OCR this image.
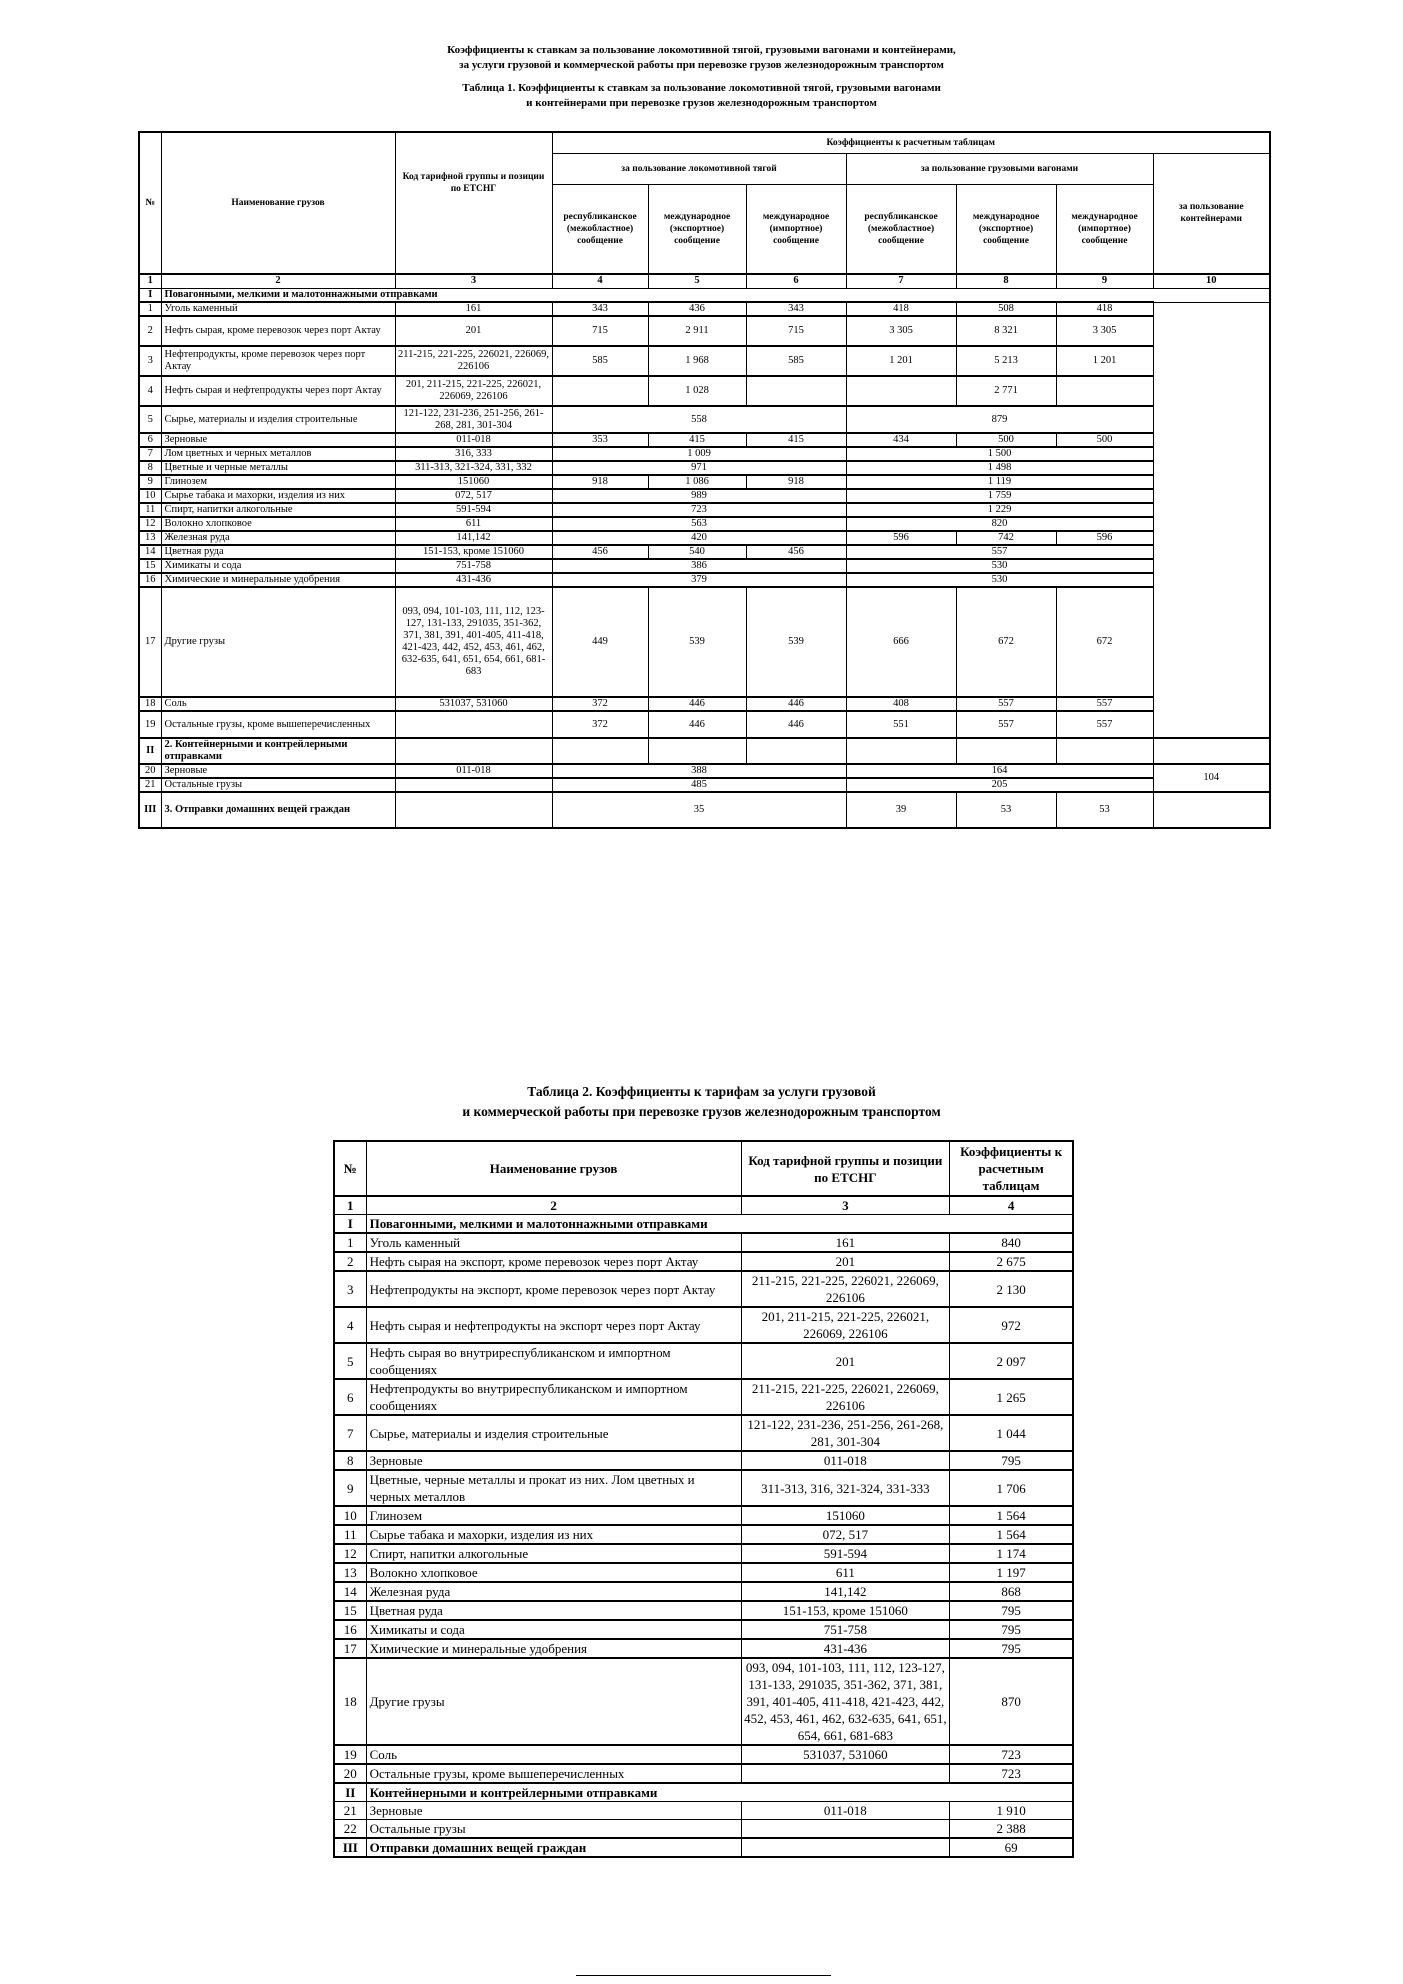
Коэффициенты к ставкам за пользование локомотивной тягой, грузовыми вагонами и контейнерами,
за услуги грузовой и коммерческой работы при перевозке грузов железнодорожным транспортом
Таблица 1. Коэффициенты к ставкам за пользование локомотивной тягой, грузовыми вагонами
и контейнерами при перевозке грузов железнодорожным транспортом
№	Наименование грузов	Код тарифной группы и позиции по ЕТСНГ	Коэффициенты к расчетным таблицам						
			за пользование локомотивной тягой			за пользование грузовыми вагонами			за пользование контейнерами
			республиканское (межобластное) сообщение	международное (экспортное) сообщение	международное (импортное) сообщение	республиканское (межобластное) сообщение	международное (экспортное) сообщение	международное (импортное) сообщение	
1	2	3	4	5	6	7	8	9	10
I	Повагонными, мелкими и малотоннажными отправками								
1	Уголь каменный	161	343	436	343	418	508	418	
2	Нефть сырая, кроме перевозок через порт Актау	201	715	2 911	715	3 305	8 321	3 305	
3	Нефтепродукты, кроме перевозок через порт Актау	211-215, 221-225, 226021, 226069, 226106	585	1 968	585	1 201	5 213	1 201	
4	Нефть сырая и нефтепродукты через порт Актау	201, 211-215, 221-225, 226021, 226069, 226106		1 028			2 771		
5	Сырье, материалы и изделия строительные	121-122, 231-236, 251-256, 261-268, 281, 301-304	558			879			
6	Зерновые	011-018	353	415	415	434	500	500	
7	Лом цветных и черных металлов	316, 333	1 009			1 500			
8	Цветные и черные металлы	311-313, 321-324, 331, 332	971			1 498			
9	Глинозем	151060	918	1 086	918	1 119			
10	Сырье табака и махорки, изделия из них	072, 517	989			1 759			
11	Спирт, напитки алкогольные	591-594	723			1 229			
12	Волокно хлопковое	611	563			820			
13	Железная руда	141,142	420			596	742	596	
14	Цветная руда	151-153, кроме 151060	456	540	456	557			
15	Химикаты и сода	751-758	386			530			
16	Химические и минеральные удобрения	431-436	379			530			
17	Другие грузы	093, 094, 101-103, 111, 112, 123-127, 131-133, 291035, 351-362, 371, 381, 391, 401-405, 411-418, 421-423, 442, 452, 453, 461, 462, 632-635, 641, 651, 654, 661, 681-683	449	539	539	666	672	672	
18	Соль	531037, 531060	372	446	446	408	557	557	
19	Остальные грузы, кроме вышеперечисленных		372	446	446	551	557	557	
II	2. Контейнерными и контрейлерными отправками								
20	Зерновые	011-018	388			164			104
21	Остальные грузы		485			205			
III	3. Отправки домашних вещей граждан		35			39	53	53	
Таблица 2. Коэффициенты к тарифам за услуги грузовой
и коммерческой работы при перевозке грузов железнодорожным транспортом
№	Наименование грузов	Код тарифной группы и позиции по ЕТСНГ	Коэффициенты к расчетным таблицам
1	2	3	4
I	Повагонными, мелкими и малотоннажными отправками		
1	Уголь каменный	161	840
2	Нефть сырая на экспорт, кроме перевозок через порт Актау	201	2 675
3	Нефтепродукты на экспорт, кроме перевозок через порт Актау	211-215, 221-225, 226021, 226069, 226106	2 130
4	Нефть сырая и нефтепродукты на экспорт через порт Актау	201, 211-215, 221-225, 226021, 226069, 226106	972
5	Нефть сырая во внутриреспубликанском и импортном сообщениях	201	2 097
6	Нефтепродукты во внутриреспубликанском и импортном сообщениях	211-215, 221-225, 226021, 226069, 226106	1 265
7	Сырье, материалы и изделия строительные	121-122, 231-236, 251-256, 261-268, 281, 301-304	1 044
8	Зерновые	011-018	795
9	Цветные, черные металлы и прокат из них. Лом цветных и черных металлов	311-313, 316, 321-324, 331-333	1 706
10	Глинозем	151060	1 564
11	Сырье табака и махорки, изделия из них	072, 517	1 564
12	Спирт, напитки алкогольные	591-594	1 174
13	Волокно хлопковое	611	1 197
14	Железная руда	141,142	868
15	Цветная руда	151-153, кроме 151060	795
16	Химикаты и сода	751-758	795
17	Химические и минеральные удобрения	431-436	795
18	Другие грузы	093, 094, 101-103, 111, 112, 123-127, 131-133, 291035, 351-362, 371, 381, 391, 401-405, 411-418, 421-423, 442, 452, 453, 461, 462, 632-635, 641, 651, 654, 661, 681-683	870
19	Соль	531037, 531060	723
20	Остальные грузы, кроме вышеперечисленных		723
II	Контейнерными и контрейлерными отправками		
21	Зерновые	011-018	1 910
22	Остальные грузы		2 388
III	Отправки домашних вещей граждан		69
